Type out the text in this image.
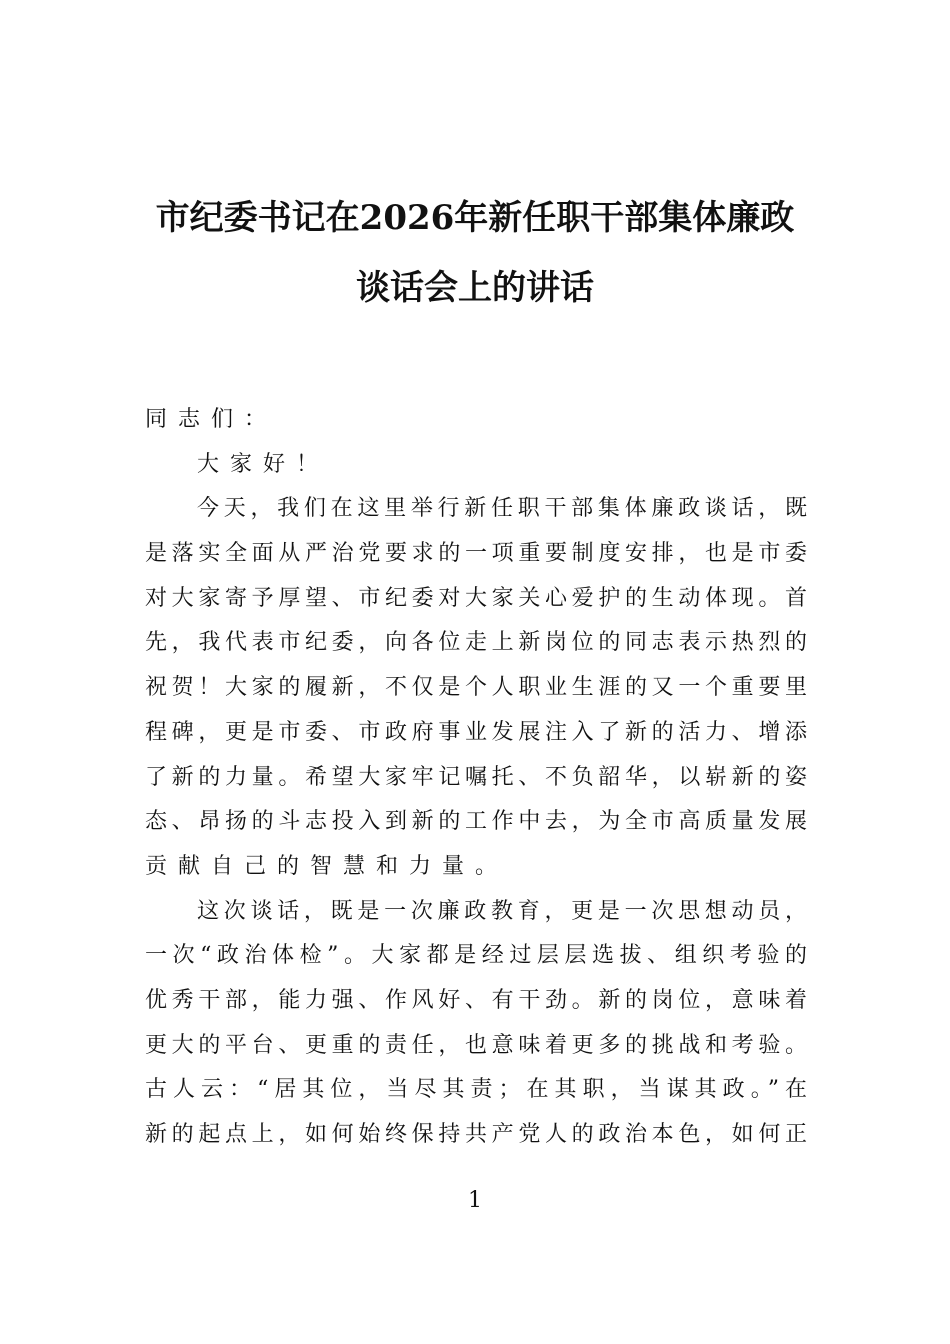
市纪委书记在2026年新任职干部集体廉政
谈话会上的讲话
同志们：
大家好！
今天，我们在这里举行新任职干部集体廉政谈话，既
是落实全面从严治党要求的一项重要制度安排，也是市委
对大家寄予厚望、市纪委对大家关心爱护的生动体现。首
先，我代表市纪委，向各位走上新岗位的同志表示热烈的
祝贺！大家的履新，不仅是个人职业生涯的又一个重要里
程碑，更是市委、市政府事业发展注入了新的活力、增添
了新的力量。希望大家牢记嘱托、不负韶华，以崭新的姿
态、昂扬的斗志投入到新的工作中去，为全市高质量发展
贡献自己的智慧和力量。
这次谈话，既是一次廉政教育，更是一次思想动员，
一次“政治体检”。大家都是经过层层选拔、组织考验的
优秀干部，能力强、作风好、有干劲。新的岗位，意味着
更大的平台、更重的责任，也意味着更多的挑战和考验。
古人云：“居其位，当尽其责；在其职，当谋其政。”在
新的起点上，如何始终保持共产党人的政治本色，如何正
1
